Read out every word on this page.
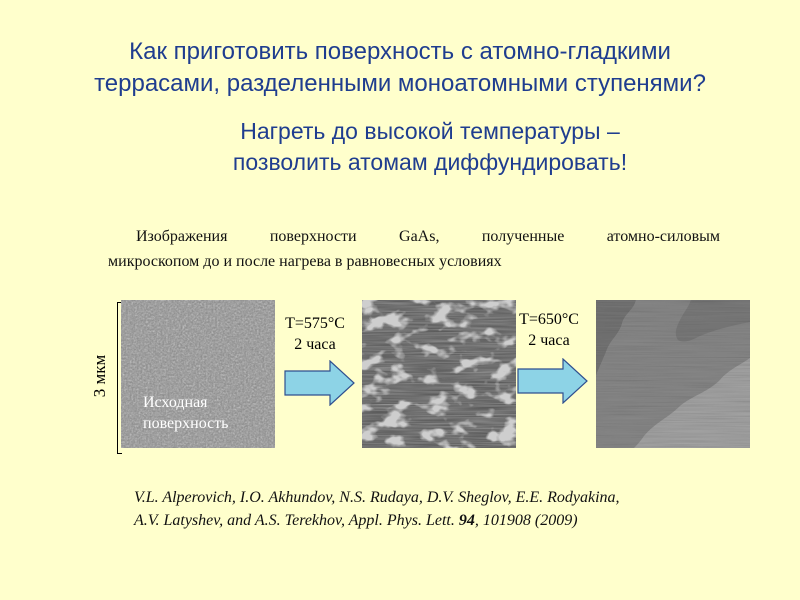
Как приготовить поверхность с атомно-гладкими
террасами, разделенными моноатомными ступенями?
Нагреть до высокой температуры –
позволить атомам диффундировать!
Изображения поверхности GaAs, полученные атомно-силовым
микроскопом до и после нагрева в равновесных условиях
3 мкм
Исходная
поверхность
T=575°C
2 часа
T=650°C
2 часа
V.L. Alperovich, I.O. Akhundov, N.S. Rudaya, D.V. Sheglov, E.E. Rodyakina,
A.V. Latyshev, and A.S. Terekhov, Appl. Phys. Lett. 94, 101908 (2009)
